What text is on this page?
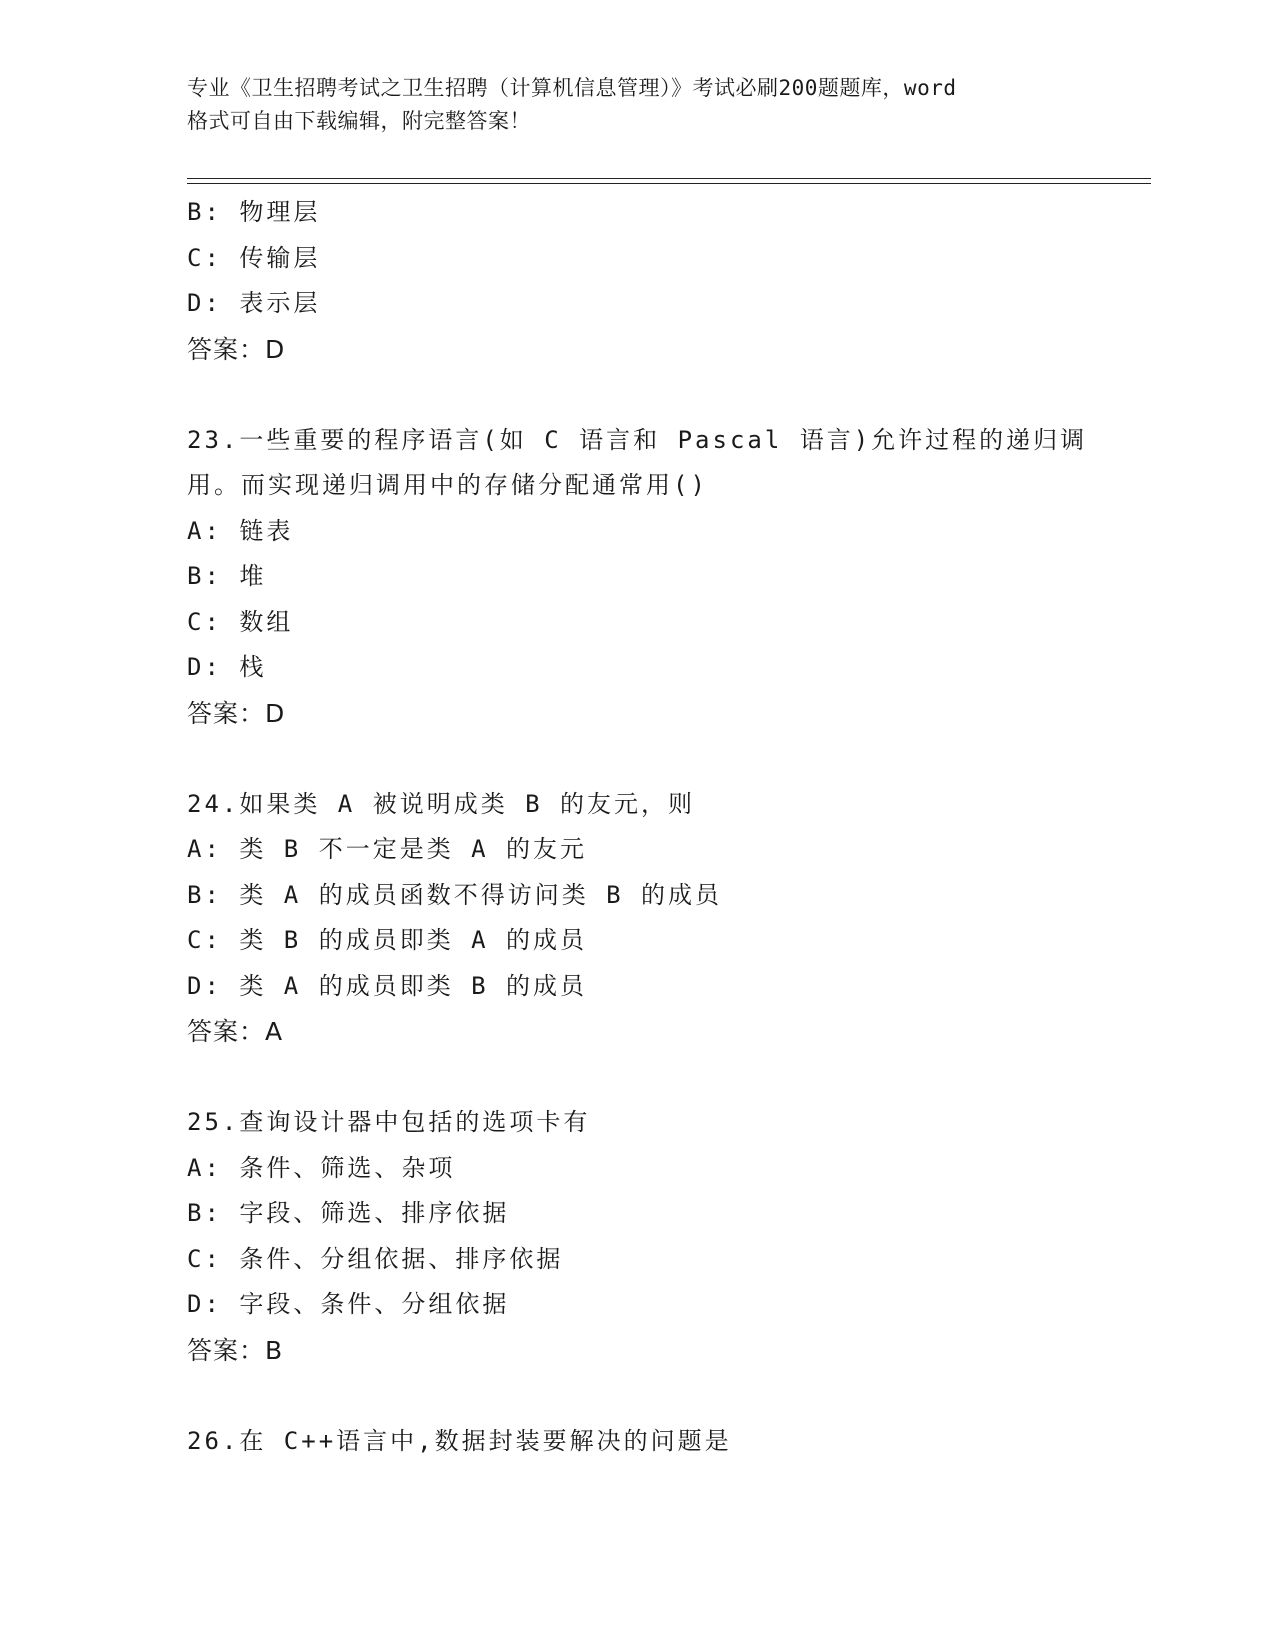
专业《卫生招聘考试之卫生招聘（计算机信息管理）》考试必刷200题题库，word
格式可自由下载编辑，附完整答案！
B: 物理层
C: 传输层
D: 表示层
答案：D
23.一些重要的程序语言(如 C 语言和 Pascal 语言)允许过程的递归调
用。而实现递归调用中的存储分配通常用()
A: 链表
B: 堆
C: 数组
D: 栈
答案：D
24.如果类 A 被说明成类 B 的友元，则
A: 类 B 不一定是类 A 的友元
B: 类 A 的成员函数不得访问类 B 的成员
C: 类 B 的成员即类 A 的成员
D: 类 A 的成员即类 B 的成员
答案：A
25.查询设计器中包括的选项卡有
A: 条件、筛选、杂项
B: 字段、筛选、排序依据
C: 条件、分组依据、排序依据
D: 字段、条件、分组依据
答案：B
26.在 C++语言中,数据封装要解决的问题是
